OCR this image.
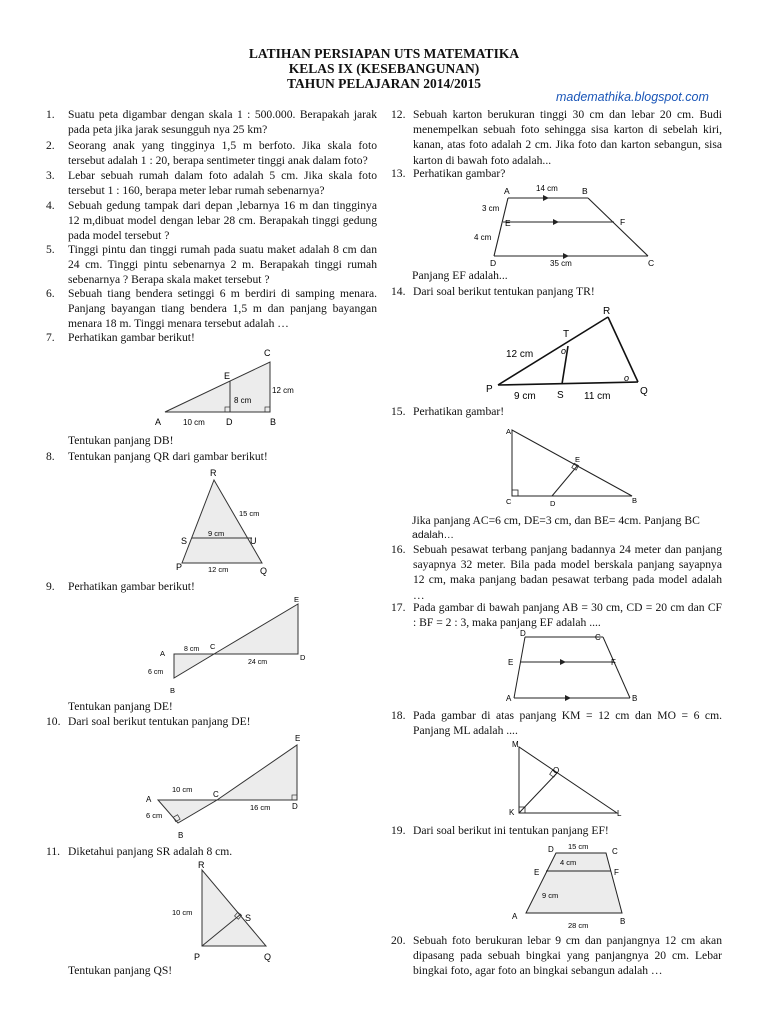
LATIHAN PERSIAPAN UTS MATEMATIKA
KELAS IX (KESEBANGUNAN)
TAHUN PELAJARAN 2014/2015
mademathika.blogspot.com
1. Suatu peta digambar dengan skala 1 : 500.000. Berapakah jarak pada peta jika jarak sesungguh nya 25 km?
2. Seorang anak yang tingginya 1,5 m berfoto. Jika skala foto tersebut adalah 1 : 20, berapa sentimeter tinggi anak dalam foto?
3. Lebar sebuah rumah dalam foto adalah 5 cm. Jika skala foto tersebut 1 : 160, berapa meter lebar rumah sebenarnya?
4. Sebuah gedung tampak dari depan ,lebarnya 16 m dan tingginya 12 m,dibuat model dengan lebar 28 cm. Berapakah tinggi gedung pada model tersebut ?
5. Tinggi pintu dan tinggi rumah pada suatu maket adalah 8 cm dan 24 cm. Tinggi pintu sebenarnya 2 m. Berapakah tinggi rumah sebenarnya ? Berapa skala maket tersebut ?
6. Sebuah tiang bendera setinggi 6 m berdiri di samping menara. Panjang bayangan tiang bendera 1,5 m dan panjang bayangan menara 18 m. Tinggi menara tersebut adalah …
7. Perhatikan gambar berikut!
C
E
A	D	B
10 cm
8 cm
12 cm
Tentukan panjang DB!
8. Tentukan panjang QR dari gambar berikut!
R
S	U
P	Q
15 cm
9 cm
12 cm
9. Perhatikan gambar berikut!
E
A
C
B
D
8 cm
6 cm
24 cm
Tentukan panjang DE!
10. Dari soal berikut tentukan panjang DE!
E
A
C
D
B
10 cm
16 cm
6 cm
11. Diketahui panjang SR adalah 8 cm.
R
S
P	Q
10 cm
Tentukan panjang QS!
12. Sebuah karton berukuran tinggi 30 cm dan lebar 20 cm. Budi menempelkan sebuah foto sehingga sisa karton di sebelah kiri, kanan, atas foto adalah 2 cm. Jika foto dan karton sebangun, sisa karton di bawah foto adalah...
13. Perhatikan gambar?
A	B
E	F
D	C
14 cm
3 cm
4 cm
35 cm
Panjang EF adalah...
14. Dari soal berikut tentukan panjang TR!
o
o
R
T
P
S	Q
12 cm
9 cm	11 cm
15. Perhatikan gambar!
A
E
C	D	B
Jika panjang AC=6 cm, DE=3 cm, dan BE= 4cm. Panjang BC
adalah…
16. Sebuah pesawat terbang panjang badannya 24 meter dan panjang sayapnya 32 meter. Bila pada model berskala panjang sayapnya 12 cm, maka panjang badan pesawat terbang pada model adalah …
17. Pada gambar di bawah panjang AB = 30 cm, CD = 20 cm dan CF : BF = 2 : 3, maka panjang EF adalah ....
D	C
E	F
A	B
18. Pada gambar di atas panjang KM = 12 cm dan MO = 6 cm. Panjang ML adalah ....
M
O
K	L
19. Dari soal berikut ini tentukan panjang EF!
D	C
E	F
A
B
15 cm
4 cm
9 cm
28 cm
20. Sebuah foto berukuran lebar 9 cm dan panjangnya 12 cm akan dipasang pada sebuah bingkai yang panjangnya 20 cm. Lebar bingkai foto, agar foto an bingkai sebangun adalah …
